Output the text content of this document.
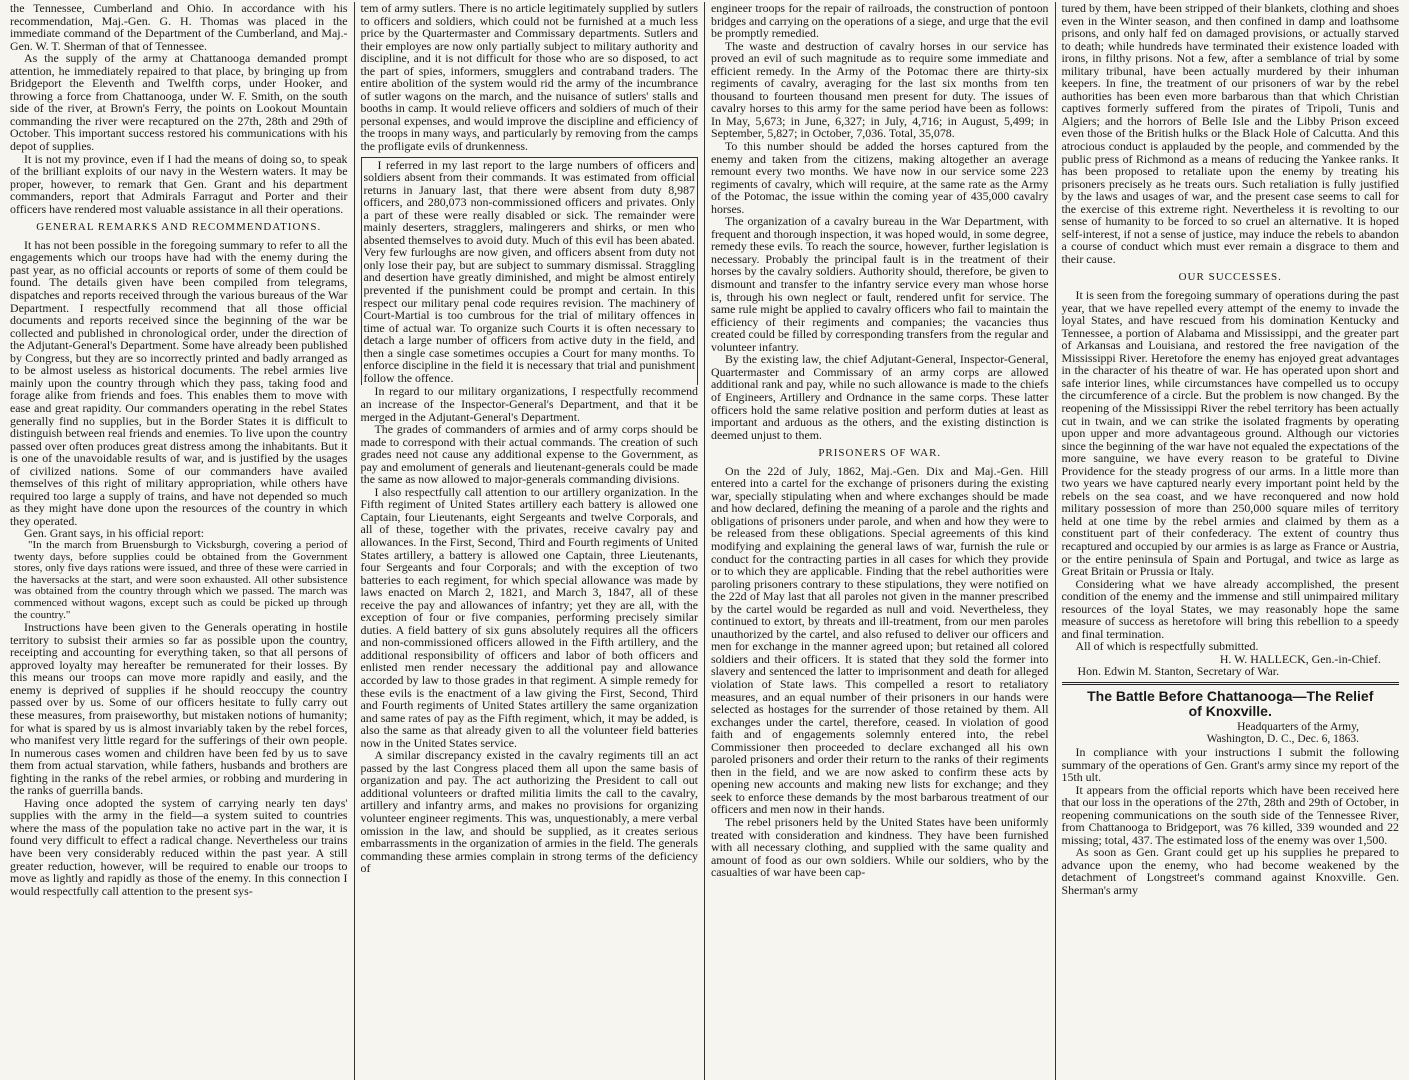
the Tennessee, Cumberland and Ohio. In accordance with his recommendation, Maj.-Gen. G. H. Thomas was placed in the immediate command of the Department of the Cumberland, and Maj.-Gen. W. T. Sherman of that of Tennessee.

As the supply of the army at Chattanooga demanded prompt attention, he immediately repaired to that place, by bringing up from Bridgeport the Eleventh and Twelfth corps, under Hooker, and throwing a force from Chattanooga, under W. F. Smith, on the south side of the river, at Brown's Ferry, the points on Lookout Mountain commanding the river were recaptured on the 27th, 28th and 29th of October. This important success restored his communications with his depot of supplies.

It is not my province, even if I had the means of doing so, to speak of the brilliant exploits of our navy in the Western waters. It may be proper, however, to remark that Gen. Grant and his department commanders, report that Admirals Farragut and Porter and their officers have rendered most valuable assistance in all their operations.

GENERAL REMARKS AND RECOMMENDATIONS.

It has not been possible in the foregoing summary to refer to all the engagements which our troops have had with the enemy during the past year, as no official accounts or reports of some of them could be found. The details given have been compiled from telegrams, dispatches and reports received through the various bureaus of the War Department. I respectfully recommend that all those official documents and reports received since the beginning of the war be collected and published in chronological order, under the direction of the Adjutant-General's Department. Some have already been published by Congress, but they are so incorrectly printed and badly arranged as to be almost useless as historical documents. The rebel armies live mainly upon the country through which they pass, taking food and forage alike from friends and foes. This enables them to move with ease and great rapidity. Our commanders operating in the rebel States generally find no supplies, but in the Border States it is difficult to distinguish between real friends and enemies. To live upon the country passed over often produces great distress among the inhabitants. But it is one of the unavoidable results of war, and is justified by the usages of civilized nations. Some of our commanders have availed themselves of this right of military appropriation, while others have required too large a supply of trains, and have not depended so much as they might have done upon the resources of the country in which they operated.

Gen. Grant says, in his official report:

"In the march from Bruensburgh to Vicksburgh, covering a period of twenty days, before supplies could be obtained from the Government stores, only five days rations were issued, and three of these were carried in the haversacks at the start, and were soon exhausted. All other subsistence was obtained from the country through which we passed. The march was commenced without wagons, except such as could be picked up through the country."

Instructions have been given to the Generals operating in hostile territory to subsist their armies so far as possible upon the country, receipting and accounting for everything taken, so that all persons of approved loyalty may hereafter be remunerated for their losses. By this means our troops can move more rapidly and easily, and the enemy is deprived of supplies if he should reoccupy the country passed over by us. Some of our officers hesitate to fully carry out these measures, from praiseworthy, but mistaken notions of humanity; for what is spared by us is almost invariably taken by the rebel forces, who manifest very little regard for the sufferings of their own people. In numerous cases women and children have been fed by us to save them from actual starvation, while fathers, husbands and brothers are fighting in the ranks of the rebel armies, or robbing and murdering in the ranks of guerrilla bands.

Having once adopted the system of carrying nearly ten days' supplies with the army in the field—a system suited to countries where the mass of the population take no active part in the war, it is found very difficult to effect a radical change. Nevertheless our trains have been very considerably reduced within the past year. A still greater reduction, however, will be required to enable our troops to move as lightly and rapidly as those of the enemy. In this connection I would respectfully call attention to the present sys-

tem of army sutlers. There is no article legitimately supplied by sutlers to officers and soldiers, which could not be furnished at a much less price by the Quartermaster and Commissary departments. Sutlers and their employes are now only partially subject to military authority and discipline, and it is not difficult for those who are so disposed, to act the part of spies, informers, smugglers and contraband traders. The entire abolition of the system would rid the army of the incumbrance of sutler wagons on the march, and the nuisance of sutlers' stalls and booths in camp. It would relieve officers and soldiers of much of their personal expenses, and would improve the discipline and efficiency of the troops in many ways, and particularly by removing from the camps the profligate evils of drunkenness.

I referred in my last report to the large numbers of officers and soldiers absent from their commands. It was estimated from official returns in January last, that there were absent from duty 8,987 officers, and 280,073 non-commissioned officers and privates. Only a part of these were really disabled or sick. The remainder were mainly deserters, stragglers, malingerers and shirks, or men who absented themselves to avoid duty. Much of this evil has been abated. Very few furloughs are now given, and officers absent from duty not only lose their pay, but are subject to summary dismissal. Straggling and desertion have greatly diminished, and might be almost entirely prevented if the punishment could be prompt and certain. In this respect our military penal code requires revision. The machinery of Court-Martial is too cumbrous for the trial of military offences in time of actual war. To organize such Courts it is often necessary to detach a large number of officers from active duty in the field, and then a single case sometimes occupies a Court for many months. To enforce discipline in the field it is necessary that trial and punishment follow the offence.

In regard to our military organizations, I respectfully recommend an increase of the Inspector-General's Department, and that it be merged in the Adjutant-General's Department.

The grades of commanders of armies and of army corps should be made to correspond with their actual commands. The creation of such grades need not cause any additional expense to the Government, as pay and emolument of generals and lieutenant-generals could be made the same as now allowed to major-generals commanding divisions.

I also respectfully call attention to our artillery organization. In the Fifth regiment of United States artillery each battery is allowed one Captain, four Lieutenants, eight Sergeants and twelve Corporals, and all of these, together with the privates, receive cavalry pay and allowances. In the First, Second, Third and Fourth regiments of United States artillery, a battery is allowed one Captain, three Lieutenants, four Sergeants and four Corporals; and with the exception of two batteries to each regiment, for which special allowance was made by laws enacted on March 2, 1821, and March 3, 1847, all of these receive the pay and allowances of infantry; yet they are all, with the exception of four or five companies, performing precisely similar duties. A field battery of six guns absolutely requires all the officers and non-commissioned officers allowed in the Fifth artillery, and the additional responsibility of officers and labor of both officers and enlisted men render necessary the additional pay and allowance accorded by law to those grades in that regiment. A simple remedy for these evils is the enactment of a law giving the First, Second, Third and Fourth regiments of United States artillery the same organization and same rates of pay as the Fifth regiment, which, it may be added, is also the same as that already given to all the volunteer field batteries now in the United States service.

A similar discrepancy existed in the cavalry regiments till an act passed by the last Congress placed them all upon the same basis of organization and pay. The act authorizing the President to call out additional volunteers or drafted militia limits the call to the cavalry, artillery and infantry arms, and makes no provisions for organizing volunteer engineer regiments. This was, unquestionably, a mere verbal omission in the law, and should be supplied, as it creates serious embarrassments in the organization of armies in the field. The generals commanding these armies complain in strong terms of the deficiency of

engineer troops for the repair of railroads, the construction of pontoon bridges and carrying on the operations of a siege, and urge that the evil be promptly remedied.

The waste and destruction of cavalry horses in our service has proved an evil of such magnitude as to require some immediate and efficient remedy. In the Army of the Potomac there are thirty-six regiments of cavalry, averaging for the last six months from ten thousand to fourteen thousand men present for duty. The issues of cavalry horses to this army for the same period have been as follows: In May, 5,673; in June, 6,327; in July, 4,716; in August, 5,499; in September, 5,827; in October, 7,036. Total, 35,078.

To this number should be added the horses captured from the enemy and taken from the citizens, making altogether an average remount every two months. We have now in our service some 223 regiments of cavalry, which will require, at the same rate as the Army of the Potomac, the issue within the coming year of 435,000 cavalry horses.

The organization of a cavalry bureau in the War Department, with frequent and thorough inspection, it was hoped would, in some degree, remedy these evils. To reach the source, however, further legislation is necessary. Probably the principal fault is in the treatment of their horses by the cavalry soldiers. Authority should, therefore, be given to dismount and transfer to the infantry service every man whose horse is, through his own neglect or fault, rendered unfit for service. The same rule might be applied to cavalry officers who fail to maintain the efficiency of their regiments and companies; the vacancies thus created could be filled by corresponding transfers from the regular and volunteer infantry.

By the existing law, the chief Adjutant-General, Inspector-General, Quartermaster and Commissary of an army corps are allowed additional rank and pay, while no such allowance is made to the chiefs of Engineers, Artillery and Ordnance in the same corps. These latter officers hold the same relative position and perform duties at least as important and arduous as the others, and the existing distinction is deemed unjust to them.

PRISONERS OF WAR.

On the 22d of July, 1862, Maj.-Gen. Dix and Maj.-Gen. Hill entered into a cartel for the exchange of prisoners during the existing war, specially stipulating when and where exchanges should be made and how declared, defining the meaning of a parole and the rights and obligations of prisoners under parole, and when and how they were to be released from these obligations. Special agreements of this kind modifying and explaining the general laws of war, furnish the rule or conduct for the contracting parties in all cases for which they provide or to which they are applicable. Finding that the rebel authorities were paroling prisoners contrary to these stipulations, they were notified on the 22d of May last that all paroles not given in the manner prescribed by the cartel would be regarded as null and void. Nevertheless, they continued to extort, by threats and ill-treatment, from our men paroles unauthorized by the cartel, and also refused to deliver our officers and men for exchange in the manner agreed upon; but retained all colored soldiers and their officers. It is stated that they sold the former into slavery and sentenced the latter to imprisonment and death for alleged violation of State laws. This compelled a resort to retaliatory measures, and an equal number of their prisoners in our hands were selected as hostages for the surrender of those retained by them. All exchanges under the cartel, therefore, ceased. In violation of good faith and of engagements solemnly entered into, the rebel Commissioner then proceeded to declare exchanged all his own paroled prisoners and order their return to the ranks of their regiments then in the field, and we are now asked to confirm these acts by opening new accounts and making new lists for exchange; and they seek to enforce these demands by the most barbarous treatment of our officers and men now in their hands.

The rebel prisoners held by the United States have been uniformly treated with consideration and kindness. They have been furnished with all necessary clothing, and supplied with the same quality and amount of food as our own soldiers. While our soldiers, who by the casualties of war have been cap-

tured by them, have been stripped of their blankets, clothing and shoes even in the Winter season, and then confined in damp and loathsome prisons, and only half fed on damaged provisions, or actually starved to death; while hundreds have terminated their existence loaded with irons, in filthy prisons. Not a few, after a semblance of trial by some military tribunal, have been actually murdered by their inhuman keepers. In fine, the treatment of our prisoners of war by the rebel authorities has been even more barbarous than that which Christian captives formerly suffered from the pirates of Tripoli, Tunis and Algiers; and the horrors of Belle Isle and the Libby Prison exceed even those of the British hulks or the Black Hole of Calcutta. And this atrocious conduct is applauded by the people, and commended by the public press of Richmond as a means of reducing the Yankee ranks. It has been proposed to retaliate upon the enemy by treating his prisoners precisely as he treats ours. Such retaliation is fully justified by the laws and usages of war, and the present case seems to call for the exercise of this extreme right. Nevertheless it is revolting to our sense of humanity to be forced to so cruel an alternative. It is hoped self-interest, if not a sense of justice, may induce the rebels to abandon a course of conduct which must ever remain a disgrace to them and their cause.

OUR SUCCESSES.

It is seen from the foregoing summary of operations during the past year, that we have repelled every attempt of the enemy to invade the loyal States, and have rescued from his domination Kentucky and Tennessee, a portion of Alabama and Mississippi, and the greater part of Arkansas and Louisiana, and restored the free navigation of the Mississippi River. Heretofore the enemy has enjoyed great advantages in the character of his theatre of war. He has operated upon short and safe interior lines, while circumstances have compelled us to occupy the circumference of a circle. But the problem is now changed. By the reopening of the Mississippi River the rebel territory has been actually cut in twain, and we can strike the isolated fragments by operating upon upper and more advantageous ground. Although our victories since the beginning of the war have not equaled the expectations of the more sanguine, we have every reason to be grateful to Divine Providence for the steady progress of our arms. In a little more than two years we have captured nearly every important point held by the rebels on the sea coast, and we have reconquered and now hold military possession of more than 250,000 square miles of territory held at one time by the rebel armies and claimed by them as a constituent part of their confederacy. The extent of country thus recaptured and occupied by our armies is as large as France or Austria, or the entire peninsula of Spain and Portugal, and twice as large as Great Britain or Prussia or Italy.

Considering what we have already accomplished, the present condition of the enemy and the immense and still unimpaired military resources of the loyal States, we may reasonably hope the same measure of success as heretofore will bring this rebellion to a speedy and final termination.

All of which is respectfully submitted.

H. W. HALLECK, Gen.-in-Chief.

Hon. Edwin M. Stanton, Secretary of War.

The Battle Before Chattanooga—The Relief
of Knoxville.
Headquarters of the Army,
Washington, D. C., Dec. 6, 1863.

In compliance with your instructions I submit the following summary of the operations of Gen. Grant's army since my report of the 15th ult.

It appears from the official reports which have been received here that our loss in the operations of the 27th, 28th and 29th of October, in reopening communications on the south side of the Tennessee River, from Chattanooga to Bridgeport, was 76 killed, 339 wounded and 22 missing; total, 437. The estimated loss of the enemy was over 1,500.

As soon as Gen. Grant could get up his supplies he prepared to advance upon the enemy, who had become weakened by the detachment of Longstreet's command against Knoxville. Gen. Sherman's army
